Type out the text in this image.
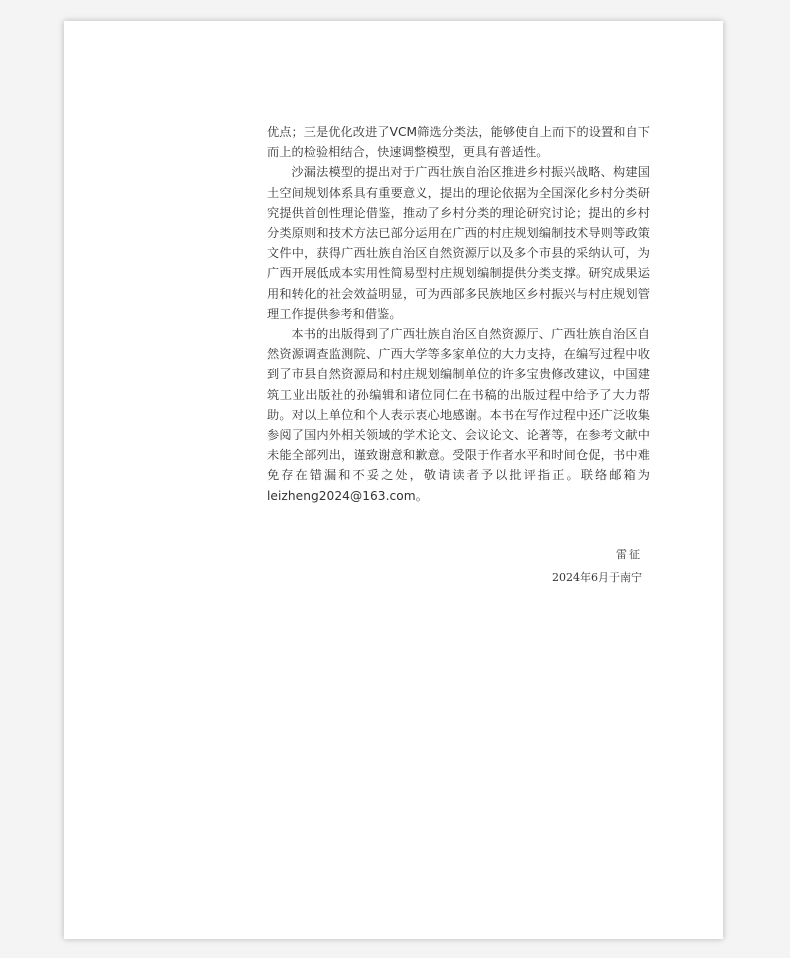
优点；三是优化改进了VCM筛选分类法，能够使自上而下的设置和自下而上的检验相结合，快速调整模型，更具有普适性。

沙漏法模型的提出对于广西壮族自治区推进乡村振兴战略、构建国土空间规划体系具有重要意义，提出的理论依据为全国深化乡村分类研究提供首创性理论借鉴，推动了乡村分类的理论研究讨论；提出的乡村分类原则和技术方法已部分运用在广西的村庄规划编制技术导则等政策文件中，获得广西壮族自治区自然资源厅以及多个市县的采纳认可，为广西开展低成本实用性简易型村庄规划编制提供分类支撑。研究成果运用和转化的社会效益明显，可为西部多民族地区乡村振兴与村庄规划管理工作提供参考和借鉴。

本书的出版得到了广西壮族自治区自然资源厅、广西壮族自治区自然资源调查监测院、广西大学等多家单位的大力支持，在编写过程中收到了市县自然资源局和村庄规划编制单位的许多宝贵修改建议，中国建筑工业出版社的孙编辑和诸位同仁在书稿的出版过程中给予了大力帮助。对以上单位和个人表示衷心地感谢。本书在写作过程中还广泛收集参阅了国内外相关领域的学术论文、会议论文、论著等，在参考文献中未能全部列出，谨致谢意和歉意。受限于作者水平和时间仓促，书中难免存在错漏和不妥之处，敬请读者予以批评指正。联络邮箱为leizheng2024@163.com。

雷征
2024年6月于南宁
